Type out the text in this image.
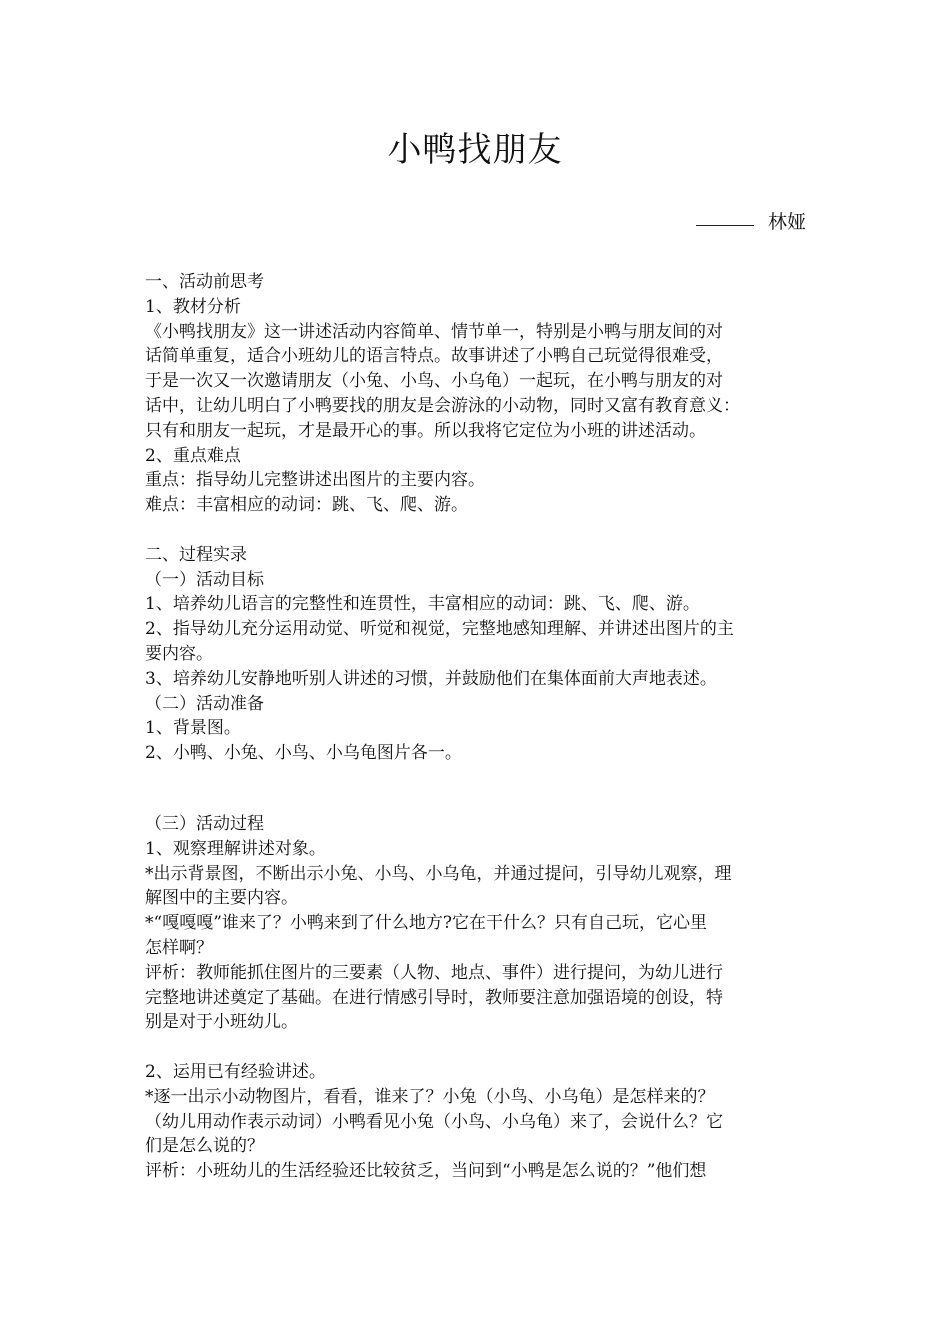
小鸭找朋友
林娅
一、活动前思考
1、教材分析
《小鸭找朋友》这一讲述活动内容简单、情节单一，特别是小鸭与朋友间的对
话简单重复，适合小班幼儿的语言特点。故事讲述了小鸭自己玩觉得很难受，
于是一次又一次邀请朋友（小兔、小鸟、小乌龟）一起玩，在小鸭与朋友的对
话中，让幼儿明白了小鸭要找的朋友是会游泳的小动物，同时又富有教育意义：
只有和朋友一起玩，才是最开心的事。所以我将它定位为小班的讲述活动。
2、重点难点
重点：指导幼儿完整讲述出图片的主要内容。
难点：丰富相应的动词：跳、飞、爬、游。
二、过程实录
（一）活动目标
1、培养幼儿语言的完整性和连贯性，丰富相应的动词：跳、飞、爬、游。
2、指导幼儿充分运用动觉、听觉和视觉，完整地感知理解、并讲述出图片的主
要内容。
3、培养幼儿安静地听别人讲述的习惯，并鼓励他们在集体面前大声地表述。
（二）活动准备
1、背景图。
2、小鸭、小兔、小鸟、小乌龟图片各一。
（三）活动过程
1、观察理解讲述对象。
*出示背景图，不断出示小兔、小鸟、小乌龟，并通过提问，引导幼儿观察，理
解图中的主要内容。
*“嘎嘎嘎”谁来了？小鸭来到了什么地方?它在干什么？只有自己玩，它心里
怎样啊？
评析：教师能抓住图片的三要素（人物、地点、事件）进行提问，为幼儿进行
完整地讲述奠定了基础。在进行情感引导时，教师要注意加强语境的创设，特
别是对于小班幼儿。
2、运用已有经验讲述。
*逐一出示小动物图片，看看，谁来了？小兔（小鸟、小乌龟）是怎样来的？
（幼儿用动作表示动词）小鸭看见小兔（小鸟、小乌龟）来了，会说什么？它
们是怎么说的？
评析：小班幼儿的生活经验还比较贫乏，当问到“小鸭是怎么说的？”他们想
